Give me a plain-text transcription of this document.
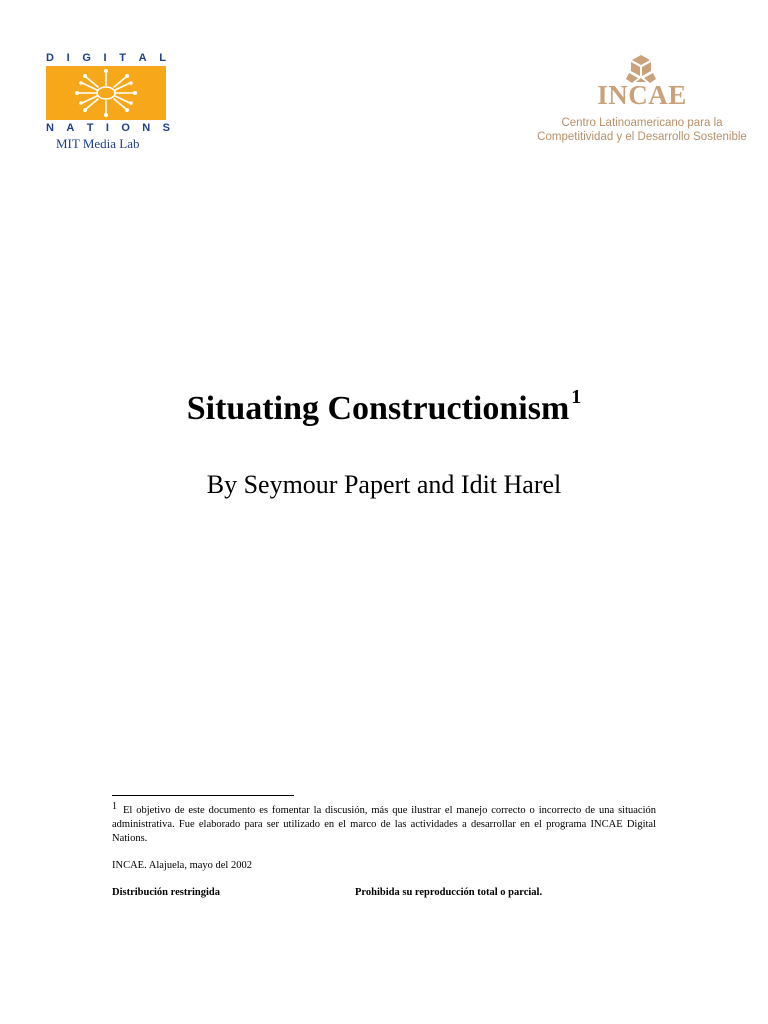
D I G I T A L
N A T I O N S
MIT Media Lab
INCAE
Centro Latinoamericano para la
Competitividad y el Desarrollo Sostenible
Situating Constructionism $^1$
By Seymour Papert and Idit Harel
1 El objetivo de este documento es fomentar la discusión, más que ilustrar el manejo correcto o incorrecto de una situación administrativa. Fue elaborado para ser utilizado en el marco de las actividades a desarrollar en el programa INCAE Digital Nations.
INCAE. Alajuela, mayo del 2002
Distribución restringida	Prohibida su reproducción total o parcial.
